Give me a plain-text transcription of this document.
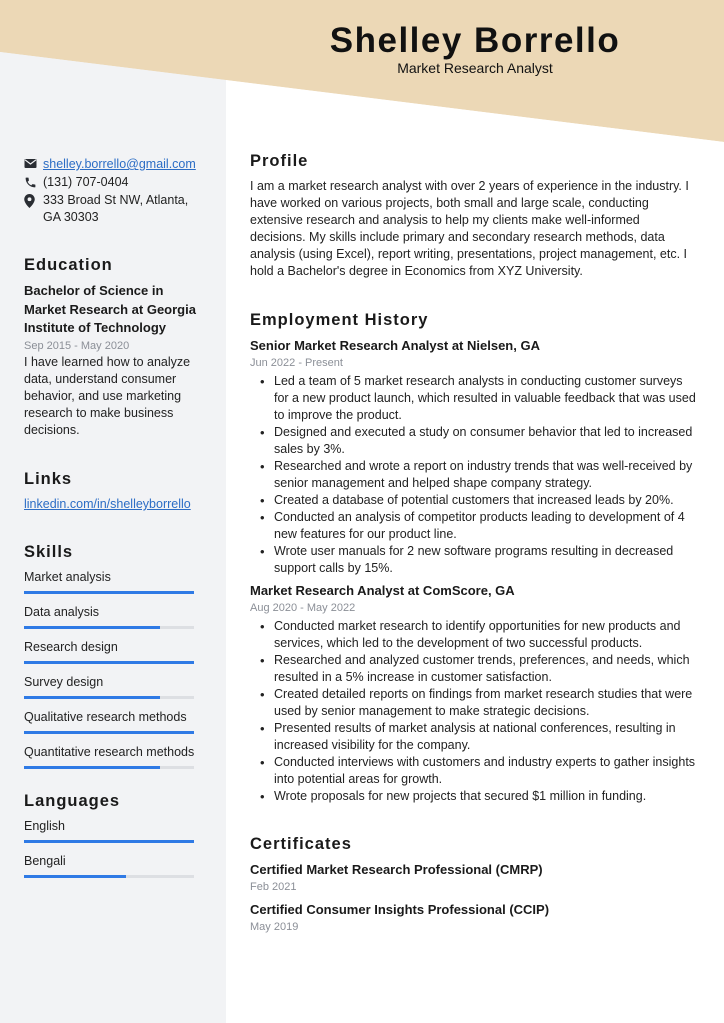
Shelley Borrello
Market Research Analyst
shelley.borrello@gmail.com
(131) 707-0404
333 Broad St NW, Atlanta, GA 30303
Education
Bachelor of Science in Market Research at Georgia Institute of Technology
Sep 2015 - May 2020
I have learned how to analyze data, understand consumer behavior, and use marketing research to make business decisions.
Links
linkedin.com/in/shelleyborrello
Skills
Market analysis
Data analysis
Research design
Survey design
Qualitative research methods
Quantitative research methods
Languages
English
Bengali
Profile
I am a market research analyst with over 2 years of experience in the industry. I have worked on various projects, both small and large scale, conducting extensive research and analysis to help my clients make well-informed decisions. My skills include primary and secondary research methods, data analysis (using Excel), report writing, presentations, project management, etc. I hold a Bachelor's degree in Economics from XYZ University.
Employment History
Senior Market Research Analyst at Nielsen, GA
Jun 2022 - Present
• Led a team of 5 market research analysts in conducting customer surveys for a new product launch, which resulted in valuable feedback that was used to improve the product.
• Designed and executed a study on consumer behavior that led to increased sales by 3%.
• Researched and wrote a report on industry trends that was well-received by senior management and helped shape company strategy.
• Created a database of potential customers that increased leads by 20%.
• Conducted an analysis of competitor products leading to development of 4 new features for our product line.
• Wrote user manuals for 2 new software programs resulting in decreased support calls by 15%.
Market Research Analyst at ComScore, GA
Aug 2020 - May 2022
• Conducted market research to identify opportunities for new products and services, which led to the development of two successful products.
• Researched and analyzed customer trends, preferences, and needs, which resulted in a 5% increase in customer satisfaction.
• Created detailed reports on findings from market research studies that were used by senior management to make strategic decisions.
• Presented results of market analysis at national conferences, resulting in increased visibility for the company.
• Conducted interviews with customers and industry experts to gather insights into potential areas for growth.
• Wrote proposals for new projects that secured $1 million in funding.
Certificates
Certified Market Research Professional (CMRP)
Feb 2021
Certified Consumer Insights Professional (CCIP)
May 2019
